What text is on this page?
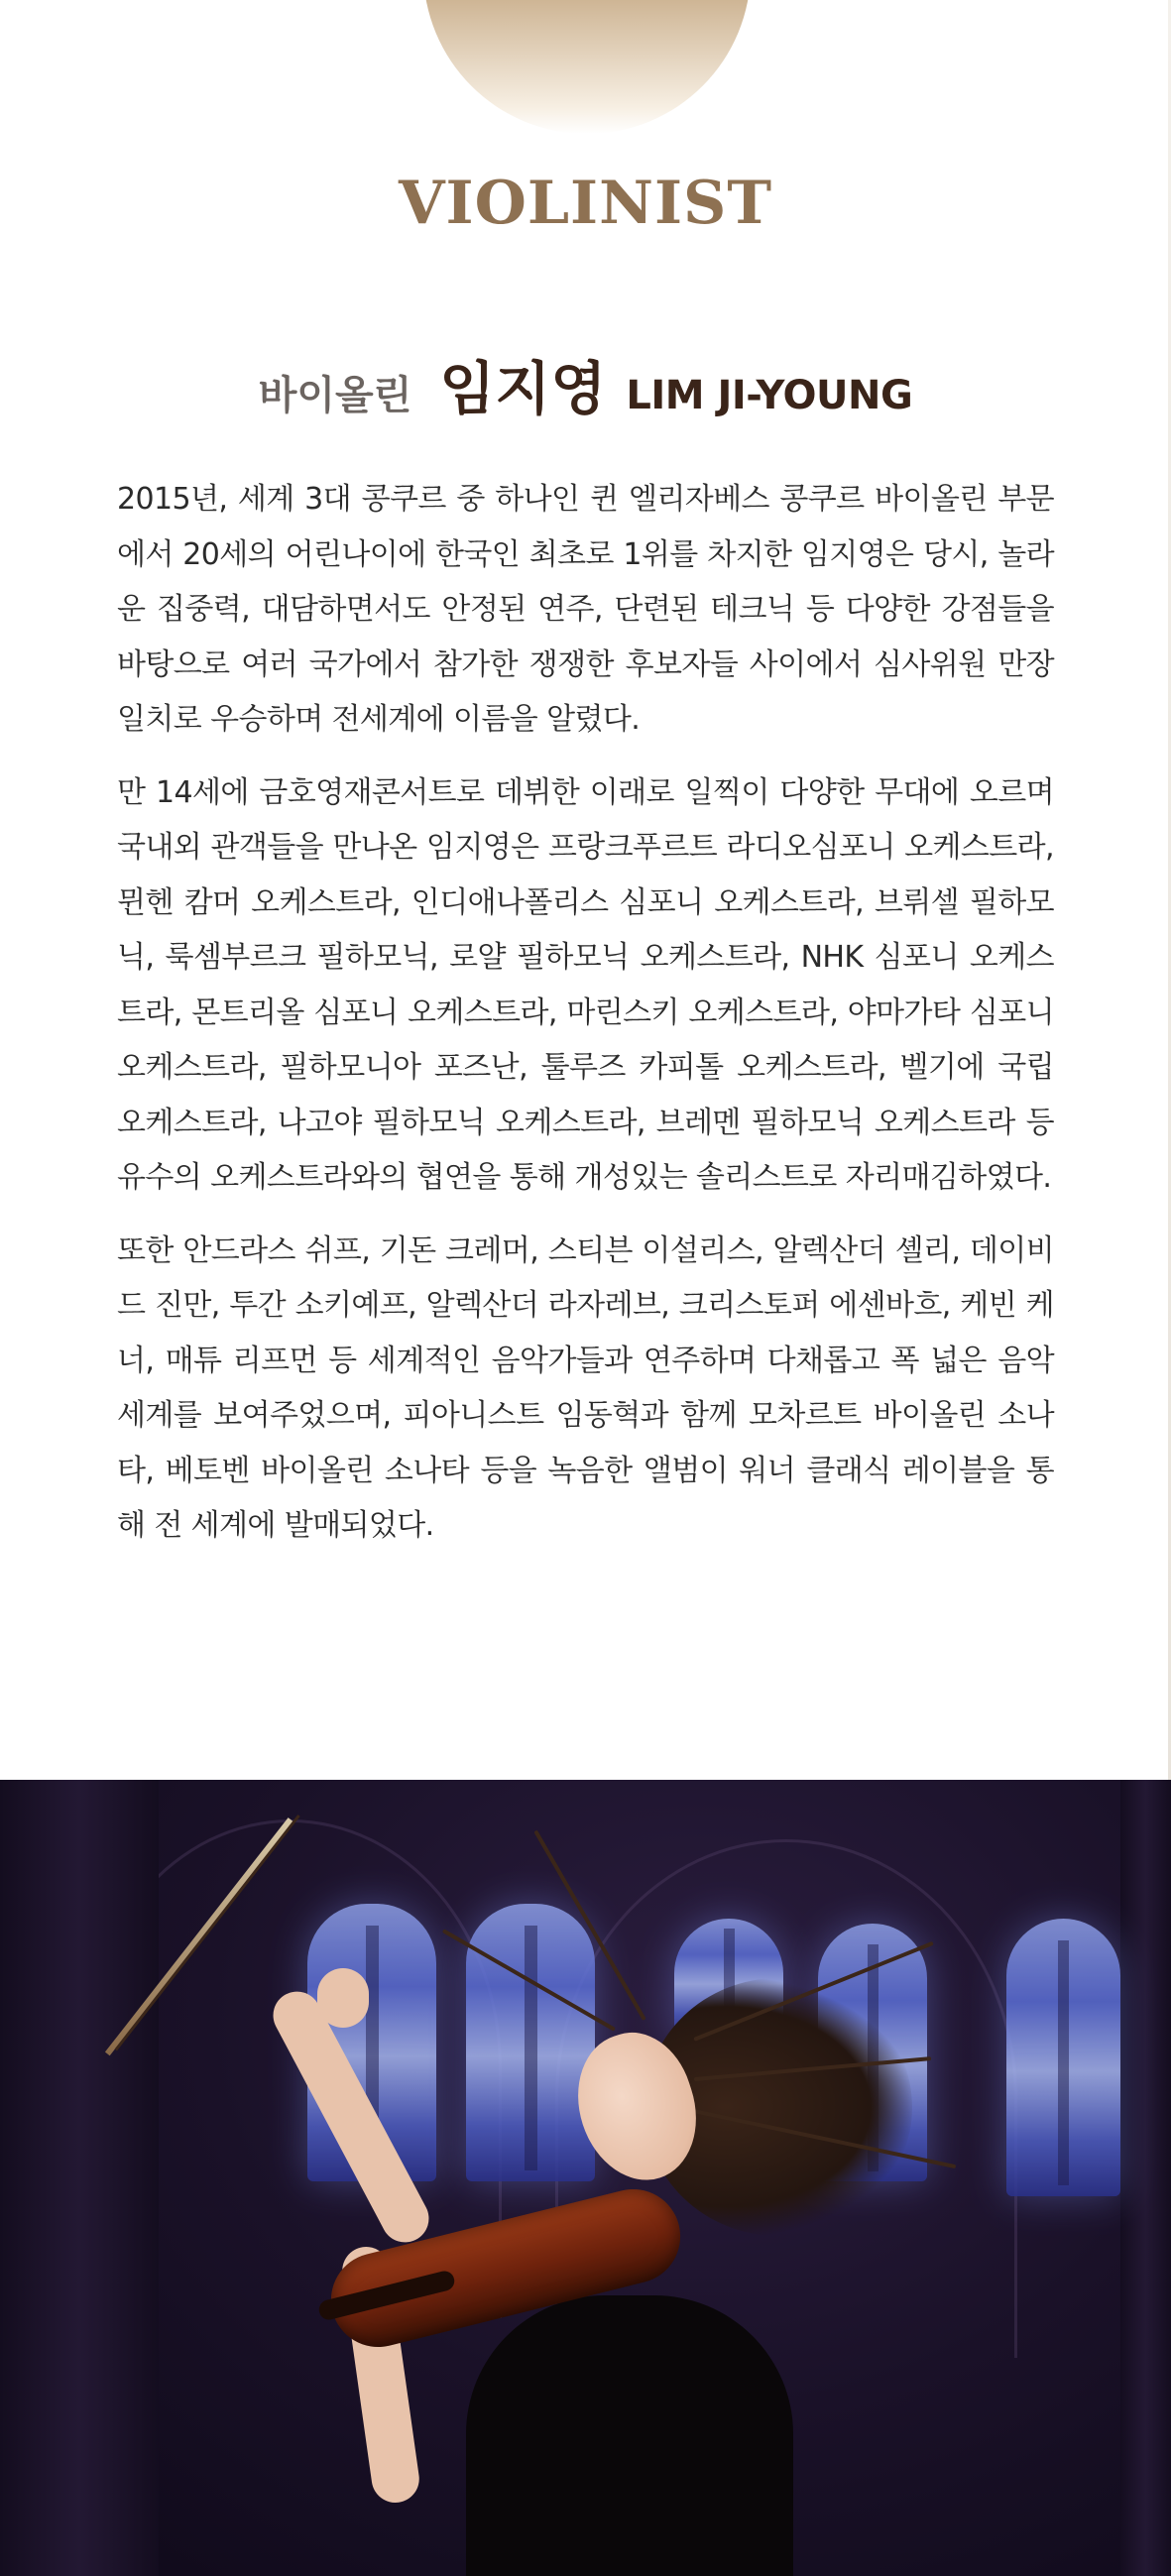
VIOLINIST
바이올린 임지영 LIM JI-YOUNG

2015년, 세계 3대 콩쿠르 중 하나인 퀸 엘리자베스 콩쿠르 바이올린 부문에서 20세의 어린나이에 한국인 최초로 1위를 차지한 임지영은 당시, 놀라운 집중력, 대담하면서도 안정된 연주, 단련된 테크닉 등 다양한 강점들을 바탕으로 여러 국가에서 참가한 쟁쟁한 후보자들 사이에서 심사위원 만장일치로 우승하며 전세계에 이름을 알렸다.

만 14세에 금호영재콘서트로 데뷔한 이래로 일찍이 다양한 무대에 오르며 국내외 관객들을 만나온 임지영은 프랑크푸르트 라디오심포니 오케스트라, 뮌헨 캄머 오케스트라, 인디애나폴리스 심포니 오케스트라, 브뤼셀 필하모닉, 룩셈부르크 필하모닉, 로얄 필하모닉 오케스트라, NHK 심포니 오케스트라, 몬트리올 심포니 오케스트라, 마린스키 오케스트라, 야마가타 심포니 오케스트라, 필하모니아 포즈난, 툴루즈 카피톨 오케스트라, 벨기에 국립 오케스트라, 나고야 필하모닉 오케스트라, 브레멘 필하모닉 오케스트라 등 유수의 오케스트라와의 협연을 통해 개성있는 솔리스트로 자리매김하였다.

또한 안드라스 쉬프, 기돈 크레머, 스티븐 이설리스, 알렉산더 셸리, 데이비드 진만, 투간 소키예프, 알렉산더 라자레브, 크리스토퍼 에센바흐, 케빈 케너, 매튜 리프먼 등 세계적인 음악가들과 연주하며 다채롭고 폭 넓은 음악 세계를 보여주었으며, 피아니스트 임동혁과 함께 모차르트 바이올린 소나타, 베토벤 바이올린 소나타 등을 녹음한 앨범이 워너 클래식 레이블을 통해 전 세계에 발매되었다.
